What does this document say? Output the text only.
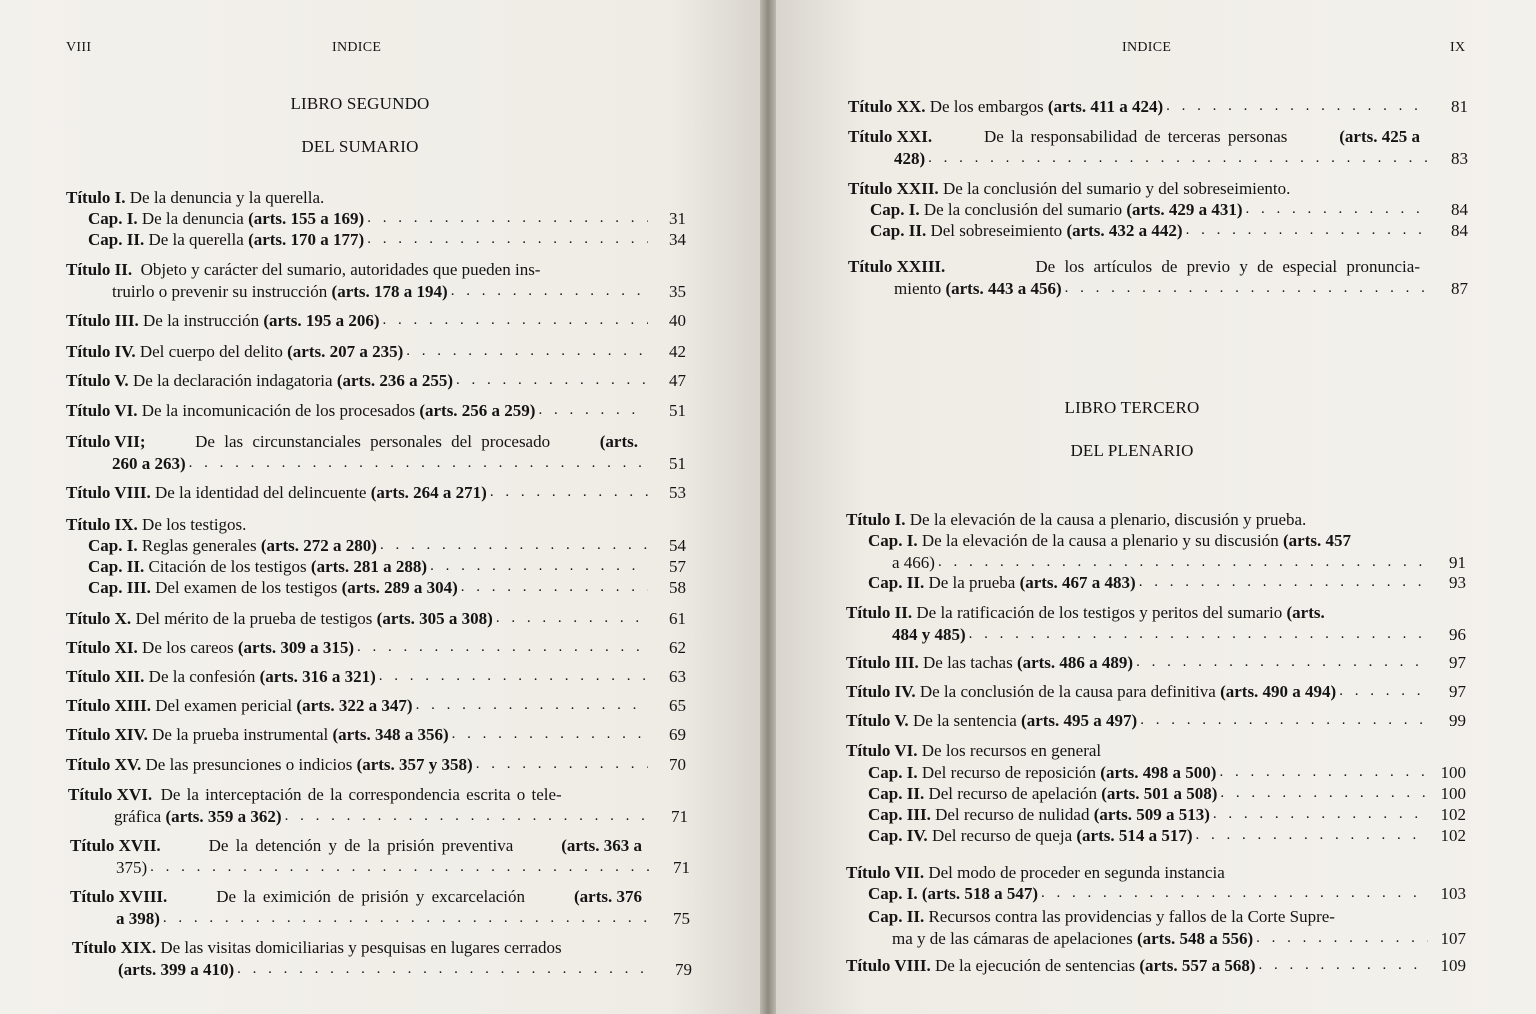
VIII	INDICE
LIBRO SEGUNDO
DEL SUMARIO
Título I.
De la denuncia y la querella.
Cap. I. De la denuncia (arts. 155 a 169) . . .	31
Cap. II. De la querella (arts. 170 a 177) . . .	34
Título II. Objeto y carácter del sumario, autoridades que pueden ins-
truirlo o prevenir su instrucción (arts. 178 a 194) . . .	35
Título III. De la instrucción (arts. 195 a 206) . . .	40
Título IV. Del cuerpo del delito (arts. 207 a 235) . . .	42
Título V. De la declaración indagatoria (arts. 236 a 255) . . .	47
Título VI. De la incomunicación de los procesados (arts. 256 a 259) . . .	51
Título VII;	De las circunstanciales personales del procesado	(arts.
260 a 263) . . .	51
Título VIII. De la identidad del delincuente (arts. 264 a 271) . . .	53
Título IX.
De los testigos.
Cap. I. Reglas generales (arts. 272 a 280) . . .	54
Cap. II. Citación de los testigos (arts. 281 a 288) . . .	57
Cap. III. Del examen de los testigos (arts. 289 a 304) . . .	58
Título X. Del mérito de la prueba de testigos (arts. 305 a 308) . . .	61
Título XI. De los careos (arts. 309 a 315) . . .	62
Título XII. De la confesión (arts. 316 a 321) . . .	63
Título XIII. Del examen pericial (arts. 322 a 347) . . .	65
Título XIV. De la prueba instrumental (arts. 348 a 356) . . .	69
Título XV. De las presunciones o indicios (arts. 357 y 358) . . .	70
Título XVI. De la interceptación de la correspondencia escrita o tele-
gráfica (arts. 359 a 362) . . .	71
Título XVII.	De la detención y de la prisión preventiva	(arts. 363 a
375) . . .	71
Título XVIII.	De la eximición de prisión y excarcelación	(arts. 376
a 398) . . .	75
Título XIX. De las visitas domiciliarias y pesquisas en lugares cerrados
(arts. 399 a 410) . . .	79
INDICE	IX
Título XX. De los embargos (arts. 411 a 424) . . .	81
Título XXI.	De la responsabilidad de terceras personas	(arts. 425 a
428) . . .	83
Título XXII.
De la conclusión del sumario y del sobreseimiento.
Cap. I. De la conclusión del sumario (arts. 429 a 431) . . .	84
Cap. II. Del sobreseimiento (arts. 432 a 442) . . .	84
Título XXIII.	De los artículos de previo y de especial pronuncia-
miento (arts. 443 a 456) . . .	87
LIBRO TERCERO
DEL PLENARIO
Título I.
De la elevación de la causa a plenario, discusión y prueba.
Cap. I. De la elevación de la causa a plenario y su discusión (arts. 457
a 466) . . .	91
Cap. II. De la prueba (arts. 467 a 483) . . .	93
Título II. De la ratificación de los testigos y peritos del sumario (arts.
484 y 485) . . .	96
Título III. De las tachas (arts. 486 a 489) . . .	97
Título IV. De la conclusión de la causa para definitiva (arts. 490 a 494) . . .	97
Título V. De la sentencia (arts. 495 a 497) . . .	99
Título VI.
De los recursos en general
Cap. I. Del recurso de reposición (arts. 498 a 500) . . .	100
Cap. II. Del recurso de apelación (arts. 501 a 508) . . .	100
Cap. III. Del recurso de nulidad (arts. 509 a 513) . . .	102
Cap. IV. Del recurso de queja (arts. 514 a 517) . . .	102
Título VII.
Del modo de proceder en segunda instancia
Cap. I. (arts. 518 a 547) . . .	103
Cap. II. Recursos contra las providencias y fallos de la Corte Supre-
ma y de las cámaras de apelaciones (arts. 548 a 556) . . .	107
Título VIII. De la ejecución de sentencias (arts. 557 a 568) . . .	109
